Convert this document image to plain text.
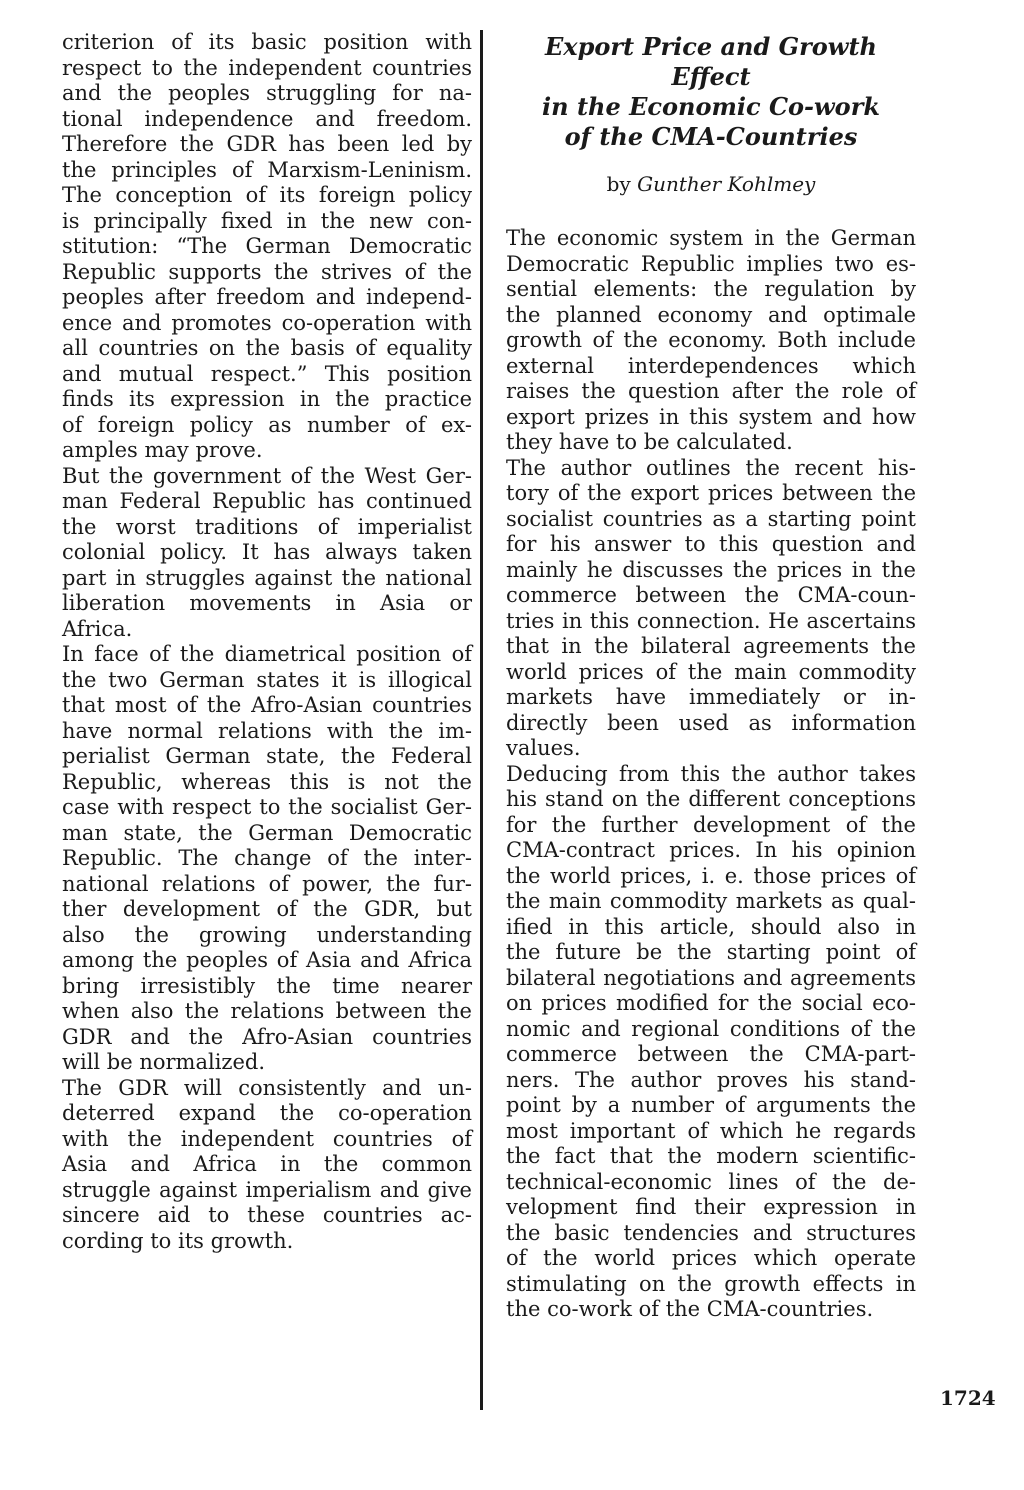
criterion of its basic position with
respect to the independent countries
and the peoples struggling for na-
tional independence and freedom.
Therefore the GDR has been led by
the principles of Marxism-Leninism.
The conception of its foreign policy
is principally fixed in the new con-
stitution: “The German Democratic
Republic supports the strives of the
peoples after freedom and independ-
ence and promotes co-operation with
all countries on the basis of equality
and mutual respect.” This position
finds its expression in the practice
of foreign policy as number of ex-
amples may prove.
But the government of the West Ger-
man Federal Republic has continued
the worst traditions of imperialist
colonial policy. It has always taken
part in struggles against the national
liberation movements in Asia or
Africa.
In face of the diametrical position of
the two German states it is illogical
that most of the Afro-Asian countries
have normal relations with the im-
perialist German state, the Federal
Republic, whereas this is not the
case with respect to the socialist Ger-
man state, the German Democratic
Republic. The change of the inter-
national relations of power, the fur-
ther development of the GDR, but
also the growing understanding
among the peoples of Asia and Africa
bring irresistibly the time nearer
when also the relations between the
GDR and the Afro-Asian countries
will be normalized.
The GDR will consistently and un-
deterred expand the co-operation
with the independent countries of
Asia and Africa in the common
struggle against imperialism and give
sincere aid to these countries ac-
cording to its growth.
Export Price and Growth Effect
in the Economic Co-work
of the CMA-Countries
by Gunther Kohlmey
The economic system in the German
Democratic Republic implies two es-
sential elements: the regulation by
the planned economy and optimale
growth of the economy. Both include
external interdependences which
raises the question after the role of
export prizes in this system and how
they have to be calculated.
The author outlines the recent his-
tory of the export prices between the
socialist countries as a starting point
for his answer to this question and
mainly he discusses the prices in the
commerce between the CMA-coun-
tries in this connection. He ascertains
that in the bilateral agreements the
world prices of the main commodity
markets have immediately or in-
directly been used as information
values.
Deducing from this the author takes
his stand on the different conceptions
for the further development of the
CMA-contract prices. In his opinion
the world prices, i. e. those prices of
the main commodity markets as qual-
ified in this article, should also in
the future be the starting point of
bilateral negotiations and agreements
on prices modified for the social eco-
nomic and regional conditions of the
commerce between the CMA-part-
ners. The author proves his stand-
point by a number of arguments the
most important of which he regards
the fact that the modern scientific-
technical-economic lines of the de-
velopment find their expression in
the basic tendencies and structures
of the world prices which operate
stimulating on the growth effects in
the co-work of the CMA-countries.
1724
